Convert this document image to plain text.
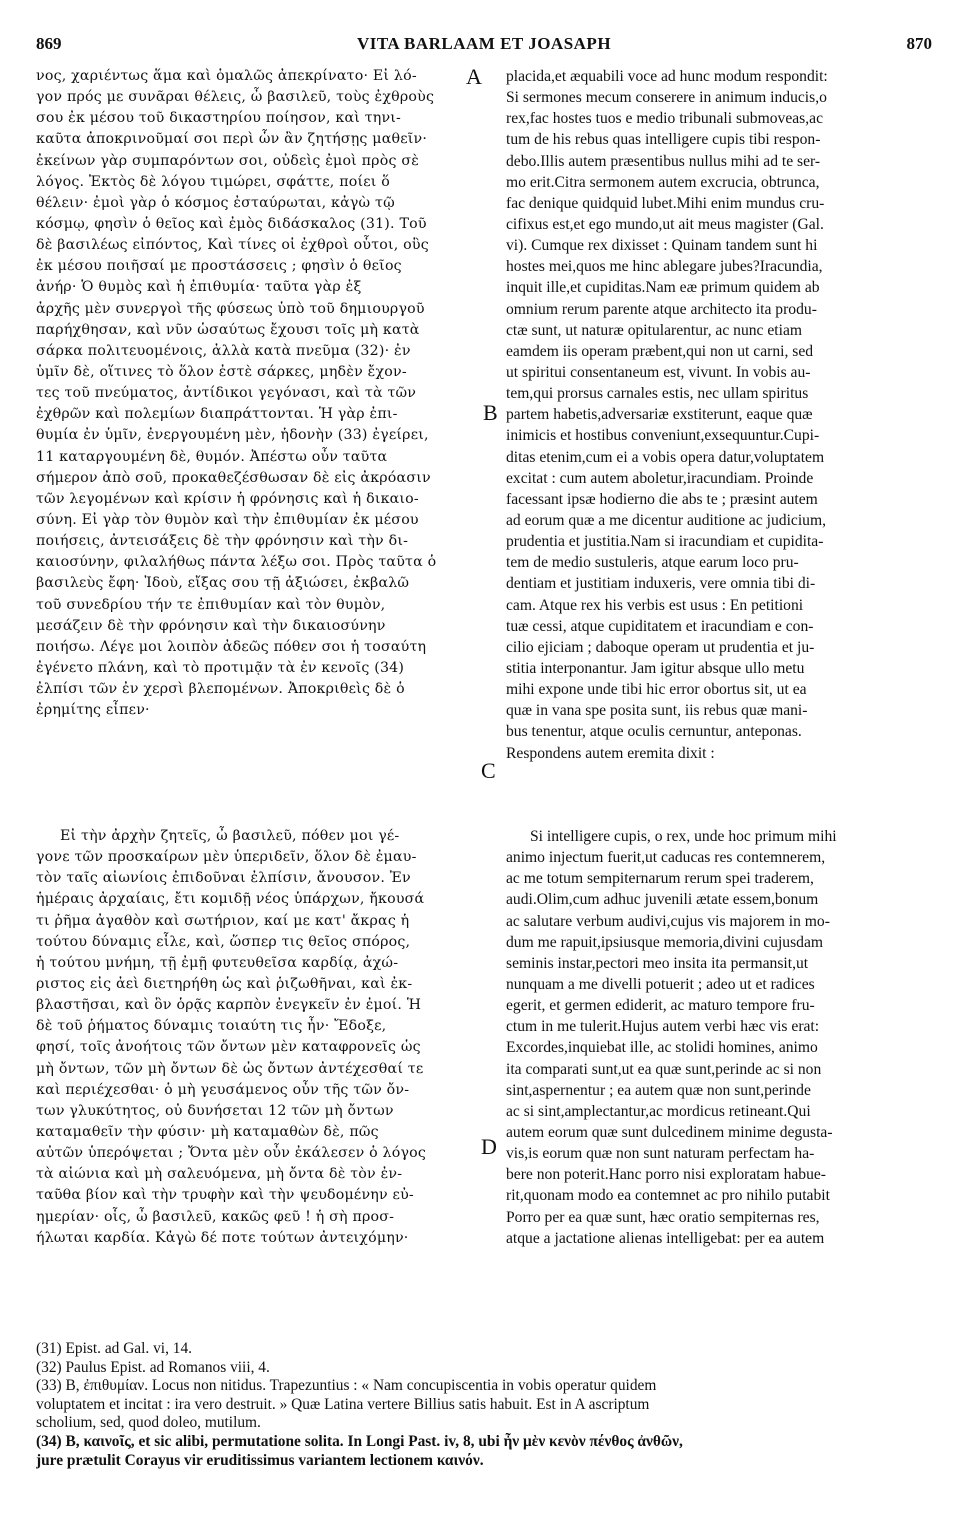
869	VITA BARLAAM ET JOASAPH	870
νος, χαριέντως ἅμα καὶ ὁμαλῶς ἀπεκρίνατο· Εἰ λό-
γον πρός με συνᾶραι θέλεις, ὦ βασιλεῦ, τοὺς ἐχθροὺς
σου ἐκ μέσου τοῦ δικαστηρίου ποίησον, καὶ τηνι-
καῦτα ἀποκρινοῦμαί σοι περὶ ὧν ἂν ζητήσῃς μαθεῖν·
ἐκείνων γὰρ συμπαρόντων σοι, οὐδεὶς ἐμοὶ πρὸς σὲ
λόγος. Ἐκτὸς δὲ λόγου τιμώρει, σφάττε, ποίει ὅ
θέλειν· ἐμοὶ γὰρ ὁ κόσμος ἐσταύρωται, κἀγὼ τῷ
κόσμῳ, φησὶν ὁ θεῖος καὶ ἐμὸς διδάσκαλος (31). Τοῦ
δὲ βασιλέως εἰπόντος, Καὶ τίνες οἱ ἐχθροὶ οὗτοι, οὓς
ἐκ μέσου ποιῆσαί με προστάσσεις ; φησὶν ὁ θεῖος
ἀνήρ· Ὁ θυμὸς καὶ ἡ ἐπιθυμία· ταῦτα γὰρ ἐξ
ἀρχῆς μὲν συνεργοὶ τῆς φύσεως ὑπὸ τοῦ δημιουργοῦ
παρήχθησαν, καὶ νῦν ὡσαύτως ἔχουσι τοῖς μὴ κατὰ
σάρκα πολιτευομένοις, ἀλλὰ κατὰ πνεῦμα (32)· ἐν
ὑμῖν δὲ, οἵτινες τὸ ὅλον ἐστὲ σάρκες, μηδὲν ἔχον-
τες τοῦ πνεύματος, ἀντίδικοι γεγόνασι, καὶ τὰ τῶν
ἐχθρῶν καὶ πολεμίων διαπράττονται. Ἡ γὰρ ἐπι-
θυμία ἐν ὑμῖν, ἐνεργουμένη μὲν, ἡδονὴν (33) ἐγείρει,
11 καταργουμένη δὲ, θυμόν. Ἀπέστω οὖν ταῦτα
σήμερον ἀπὸ σοῦ, προκαθεζέσθωσαν δὲ εἰς ἀκρόασιν
τῶν λεγομένων καὶ κρίσιν ἡ φρόνησις καὶ ἡ δικαιο-
σύνη. Εἰ γὰρ τὸν θυμὸν καὶ τὴν ἐπιθυμίαν ἐκ μέσου
ποιήσεις, ἀντεισάξεις δὲ τὴν φρόνησιν καὶ τὴν δι-
καιοσύνην, φιλαλήθως πάντα λέξω σοι. Πρὸς ταῦτα ὁ
βασιλεὺς ἔφη· Ἰδοὺ, εἴξας σου τῇ ἀξιώσει, ἐκβαλῶ
τοῦ συνεδρίου τήν τε ἐπιθυμίαν καὶ τὸν θυμὸν,
μεσάζειν δὲ τὴν φρόνησιν καὶ τὴν δικαιοσύνην
ποιήσω. Λέγε μοι λοιπὸν ἀδεῶς πόθεν σοι ἡ τοσαύτη
ἐγένετο πλάνη, καὶ τὸ προτιμᾷν τὰ ἐν κενοῖς (34)
ἐλπίσι τῶν ἐν χερσὶ βλεπομένων. Ἀποκριθεὶς δὲ ὁ
ἐρημίτης εἶπεν·
Εἰ τὴν ἀρχὴν ζητεῖς, ὦ βασιλεῦ, πόθεν μοι γέ-
γονε τῶν προσκαίρων μὲν ὑπεριδεῖν, ὅλον δὲ ἐμαυ-
τὸν ταῖς αἰωνίοις ἐπιδοῦναι ἐλπίσιν, ἄνουσον. Ἐν
ἡμέραις ἀρχαίαις, ἔτι κομιδῇ νέος ὑπάρχων, ἤκουσά
τι ῥῆμα ἀγαθὸν καὶ σωτήριον, καί με κατ' ἄκρας ἡ
τούτου δύναμις εἷλε, καὶ, ὥσπερ τις θεῖος σπόρος,
ἡ τούτου μνήμη, τῇ ἐμῇ φυτευθεῖσα καρδίᾳ, ἀχώ-
ριστος εἰς ἀεὶ διετηρήθη ὡς καὶ ῥιζωθῆναι, καὶ ἐκ-
βλαστῆσαι, καὶ ὃν ὁρᾷς καρπὸν ἐνεγκεῖν ἐν ἐμοί. Ἡ
δὲ τοῦ ῥήματος δύναμις τοιαύτη τις ἦν· Ἔδοξε,
φησί, τοῖς ἀνοήτοις τῶν ὄντων μὲν καταφρονεῖς ὡς
μὴ ὄντων, τῶν μὴ ὄντων δὲ ὡς ὄντων ἀντέχεσθαί τε
καὶ περιέχεσθαι· ὁ μὴ γευσάμενος οὖν τῆς τῶν ὄν-
των γλυκύτητος, οὐ δυνήσεται 12 τῶν μὴ ὄντων
καταμαθεῖν τὴν φύσιν· μὴ καταμαθὼν δὲ, πῶς
αὐτῶν ὑπερόψεται ; Ὄντα μὲν οὖν ἐκάλεσεν ὁ λόγος
τὰ αἰώνια καὶ μὴ σαλευόμενα, μὴ ὄντα δὲ τὸν ἐν-
ταῦθα βίον καὶ τὴν τρυφὴν καὶ τὴν ψευδομένην εὐ-
ημερίαν· οἷς, ὦ βασιλεῦ, κακῶς φεῦ ! ἡ σὴ προσ-
ήλωται καρδία. Κἀγὼ δέ ποτε τούτων ἀντειχόμην·
placida,et æquabili voce ad hunc modum respondit:
Si sermones mecum conserere in animum inducis,o
rex,fac hostes tuos e medio tribunali submoveas,ac
tum de his rebus quas intelligere cupis tibi respon-
debo.Illis autem præsentibus nullus mihi ad te ser-
mo erit.Citra sermonem autem excrucia, obtrunca,
fac denique quidquid lubet.Mihi enim mundus cru-
cifixus est,et ego mundo,ut ait meus magister (Gal.
vi). Cumque rex dixisset : Quinam tandem sunt hi
hostes mei,quos me hinc ablegare jubes?Iracundia,
inquit ille,et cupiditas.Nam eæ primum quidem ab
omnium rerum parente atque architecto ita produ-
ctæ sunt, ut naturæ opitularentur, ac nunc etiam
eamdem iis operam præbent,qui non ut carni, sed
ut spiritui consentaneum est, vivunt. In vobis au-
tem,qui prorsus carnales estis, nec ullam spiritus
partem habetis,adversariæ exstiterunt, eaque quæ
inimicis et hostibus conveniunt,exsequuntur.Cupi-
ditas etenim,cum ei a vobis opera datur,voluptatem
excitat : cum autem aboletur,iracundiam. Proinde
facessant ipsæ hodierno die abs te ; præsint autem
ad eorum quæ a me dicentur auditione ac judicium,
prudentia et justitia.Nam si iracundiam et cupidita-
tem de medio sustuleris, atque earum loco pru-
dentiam et justitiam induxeris, vere omnia tibi di-
cam. Atque rex his verbis est usus : En petitioni
tuæ cessi, atque cupiditatem et iracundiam e con-
cilio ejiciam ; daboque operam ut prudentia et ju-
stitia interponantur. Jam igitur absque ullo metu
mihi expone unde tibi hic error obortus sit, ut ea
quæ in vana spe posita sunt, iis rebus quæ mani-
bus tenentur, atque oculis cernuntur, anteponas.
Respondens autem eremita dixit :
Si intelligere cupis, o rex, unde hoc primum mihi
animo injectum fuerit,ut caducas res contemnerem,
ac me totum sempiternarum rerum spei traderem,
audi.Olim,cum adhuc juvenili ætate essem,bonum
ac salutare verbum audivi,cujus vis majorem in mo-
dum me rapuit,ipsiusque memoria,divini cujusdam
seminis instar,pectori meo insita ita permansit,ut
nunquam a me divelli potuerit ; adeo ut et radices
egerit, et germen ediderit, ac maturo tempore fru-
ctum in me tulerit.Hujus autem verbi hæc vis erat:
Excordes,inquiebat ille, ac stolidi homines, animo
ita comparati sunt,ut ea quæ sunt,perinde ac si non
sint,aspernentur ; ea autem quæ non sunt,perinde
ac si sint,amplectantur,ac mordicus retineant.Qui
autem eorum quæ sunt dulcedinem minime degusta-
vis,is eorum quæ non sunt naturam perfectam ha-
bere non poterit.Hanc porro nisi exploratam habue-
rit,quonam modo ea contemnet ac pro nihilo putabit
Porro per ea quæ sunt, hæc oratio sempiternas res,
atque a jactatione alienas intelligebat: per ea autem
A
B
C
D
(31) Epist. ad Gal. vi, 14.
(32) Paulus Epist. ad Romanos viii, 4.
(33) B, ἐπιθυμίαν. Locus non nitidus. Trapezuntius : « Nam concupiscentia in vobis operatur quidem
voluptatem et incitat : ira vero destruit. » Quæ Latina vertere Billius satis habuit. Est in A ascriptum
scholium, sed, quod doleo, mutilum.
(34) B, καινοῖς, et sic alibi, permutatione solita. In Longi Past. iv, 8, ubi ἦν μὲν κενὸν πένθος ἀνθῶν,
jure prætulit Corayus vir eruditissimus variantem lectionem καινόν.
